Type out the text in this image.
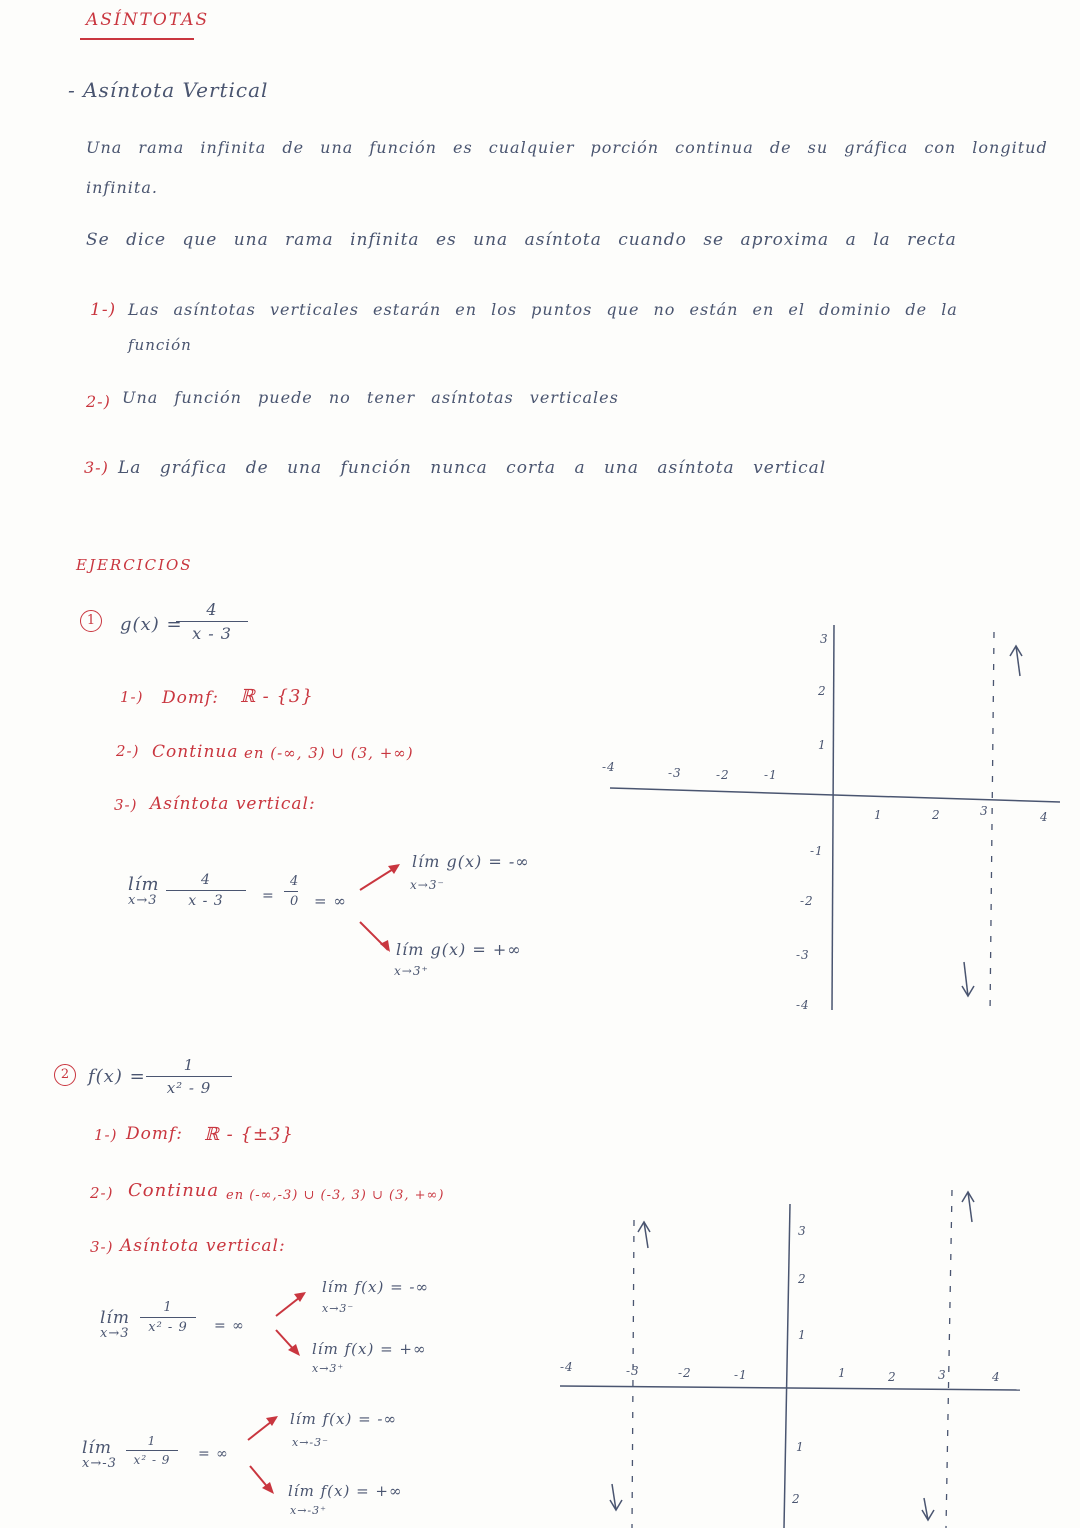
ASÍNTOTAS
- Asíntota Vertical
Una rama infinita de una función es cualquier porción continua de su gráfica con longitud
infinita.
Se dice que una rama infinita es una asíntota cuando se aproxima a la recta
1-) Las asíntotas verticales estarán en los puntos que no están en el dominio de la
función
2-) Una función puede no tener asíntotas verticales
3-) La gráfica de una función nunca corta a una asíntota vertical
EJERCICIOS
1	g(x) =
4
x - 3
1-) Domf: ℝ - {3}
2-) Continua en (-∞, 3) ∪ (3, +∞)
3-) Asíntota vertical:
lím
x→3
4
x - 3	=
4
0 = ∞
lím g(x) = -∞
x→3⁻
lím g(x) = +∞
x→3⁺
-4	-3	-2	-1
1	2	3	4
3
2
1
-1
-2
-3
-4
2	f(x) =
1
x² - 9
1-) Domf: ℝ - {±3}
2-) Continua en (-∞,-3) ∪ (-3, 3) ∪ (3, +∞)
3-) Asíntota vertical:
lím
x→3
1
x² - 9	= ∞
lím f(x) = -∞
x→3⁻
lím f(x) = +∞
x→3⁺
lím
x→-3
1
x² - 9	= ∞
lím f(x) = -∞
x→-3⁻
lím f(x) = +∞
x→-3⁺
-4	-3	-2	-1	1	2	3	4
3
2
1
1
2
